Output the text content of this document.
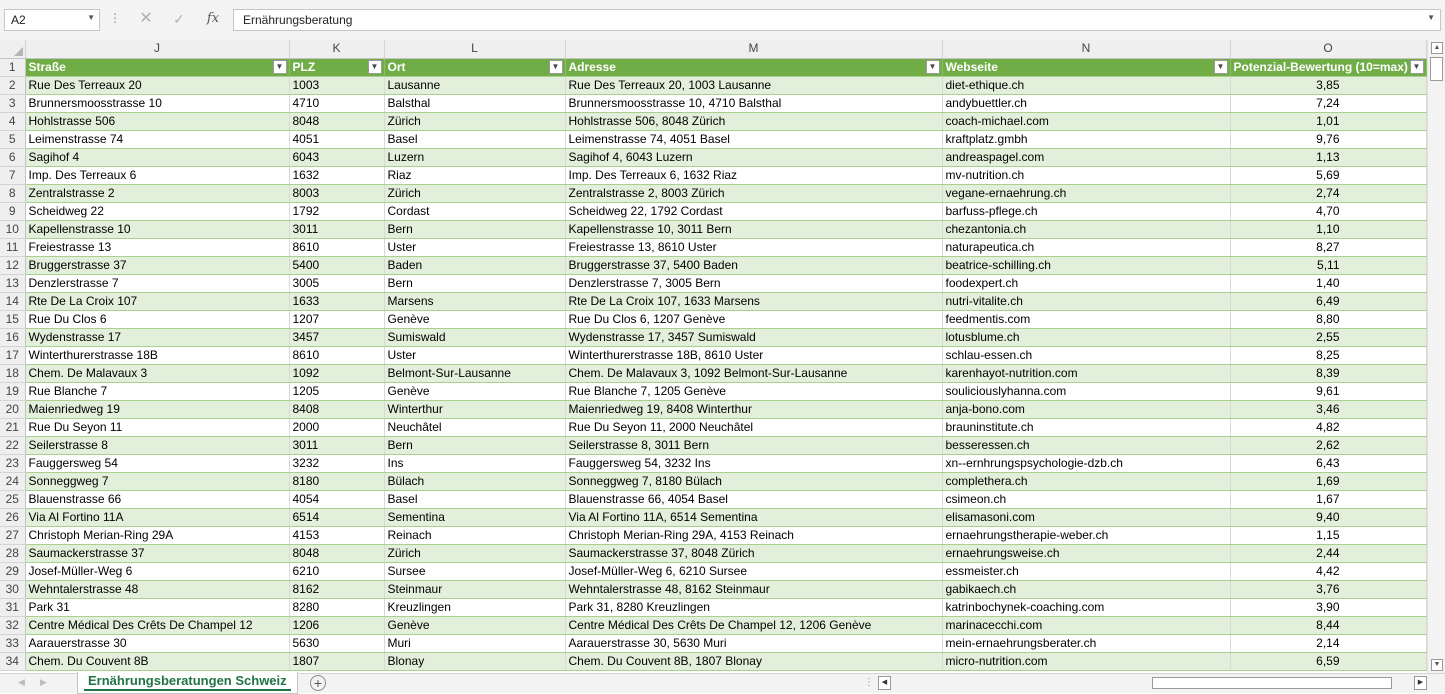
A2	▼ ⋮ ✕ ✓ fx Ernährungsberatung	▼
	J	K	L	M	N	O
1	Straße ▼	PLZ ▼	Ort ▼	Adresse ▼	Webseite ▼	Potenzial-Bewertung (10=max) ▼

2	Rue Des Terreaux 20	1003	Lausanne	Rue Des Terreaux 20, 1003 Lausanne	diet-ethique.ch	3,85
3	Brunnersmoosstrasse 10	4710	Balsthal	Brunnersmoosstrasse 10, 4710 Balsthal	andybuettler.ch	7,24
4	Hohlstrasse 506	8048	Zürich	Hohlstrasse 506, 8048 Zürich	coach-michael.com	1,01
5	Leimenstrasse 74	4051	Basel	Leimenstrasse 74, 4051 Basel	kraftplatz.gmbh	9,76
6	Sagihof 4	6043	Luzern	Sagihof 4, 6043 Luzern	andreaspagel.com	1,13
7	Imp. Des Terreaux 6	1632	Riaz	Imp. Des Terreaux 6, 1632 Riaz	mv-nutrition.ch	5,69
8	Zentralstrasse 2	8003	Zürich	Zentralstrasse 2, 8003 Zürich	vegane-ernaehrung.ch	2,74
9	Scheidweg 22	1792	Cordast	Scheidweg 22, 1792 Cordast	barfuss-pflege.ch	4,70
10	Kapellenstrasse 10	3011	Bern	Kapellenstrasse 10, 3011 Bern	chezantonia.ch	1,10
11	Freiestrasse 13	8610	Uster	Freiestrasse 13, 8610 Uster	naturapeutica.ch	8,27
12	Bruggerstrasse 37	5400	Baden	Bruggerstrasse 37, 5400 Baden	beatrice-schilling.ch	5,11
13	Denzlerstrasse 7	3005	Bern	Denzlerstrasse 7, 3005 Bern	foodexpert.ch	1,40
14	Rte De La Croix 107	1633	Marsens	Rte De La Croix 107, 1633 Marsens	nutri-vitalite.ch	6,49
15	Rue Du Clos 6	1207	Genève	Rue Du Clos 6, 1207 Genève	feedmentis.com	8,80
16	Wydenstrasse 17	3457	Sumiswald	Wydenstrasse 17, 3457 Sumiswald	lotusblume.ch	2,55
17	Winterthurerstrasse 18B	8610	Uster	Winterthurerstrasse 18B, 8610 Uster	schlau-essen.ch	8,25
18	Chem. De Malavaux 3	1092	Belmont-Sur-Lausanne	Chem. De Malavaux 3, 1092 Belmont-Sur-Lausanne	karenhayot-nutrition.com	8,39
19	Rue Blanche 7	1205	Genève	Rue Blanche 7, 1205 Genève	souliciouslyhanna.com	9,61
20	Maienriedweg 19	8408	Winterthur	Maienriedweg 19, 8408 Winterthur	anja-bono.com	3,46
21	Rue Du Seyon 11	2000	Neuchâtel	Rue Du Seyon 11, 2000 Neuchâtel	brauninstitute.ch	4,82
22	Seilerstrasse 8	3011	Bern	Seilerstrasse 8, 3011 Bern	besseressen.ch	2,62
23	Fauggersweg 54	3232	Ins	Fauggersweg 54, 3232 Ins	xn--ernhrungspsychologie-dzb.ch	6,43
24	Sonneggweg 7	8180	Bülach	Sonneggweg 7, 8180 Bülach	complethera.ch	1,69
25	Blauenstrasse 66	4054	Basel	Blauenstrasse 66, 4054 Basel	csimeon.ch	1,67
26	Via Al Fortino 11A	6514	Sementina	Via Al Fortino 11A, 6514 Sementina	elisamasoni.com	9,40
27	Christoph Merian-Ring 29A	4153	Reinach	Christoph Merian-Ring 29A, 4153 Reinach	ernaehrungstherapie-weber.ch	1,15
28	Saumackerstrasse 37	8048	Zürich	Saumackerstrasse 37, 8048 Zürich	ernaehrungsweise.ch	2,44
29	Josef-Müller-Weg 6	6210	Sursee	Josef-Müller-Weg 6, 6210 Sursee	essmeister.ch	4,42
30	Wehntalerstrasse 48	8162	Steinmaur	Wehntalerstrasse 48, 8162 Steinmaur	gabikaech.ch	3,76
31	Park 31	8280	Kreuzlingen	Park 31, 8280 Kreuzlingen	katrinbochynek-coaching.com	3,90
32	Centre Médical Des Crêts De Champel 12	1206	Genève	Centre Médical Des Crêts De Champel 12, 1206 Genève	marinacecchi.com	8,44
33	Aarauerstrasse 30	5630	Muri	Aarauerstrasse 30, 5630 Muri	mein-ernaehrungsberater.ch	2,14
34	Chem. Du Couvent 8B	1807	Blonay	Chem. Du Couvent 8B, 1807 Blonay	micro-nutrition.com	6,59
▲
▼
◀ ▶	Ernährungsberatungen Schweiz	+	⋮	◀	▶
